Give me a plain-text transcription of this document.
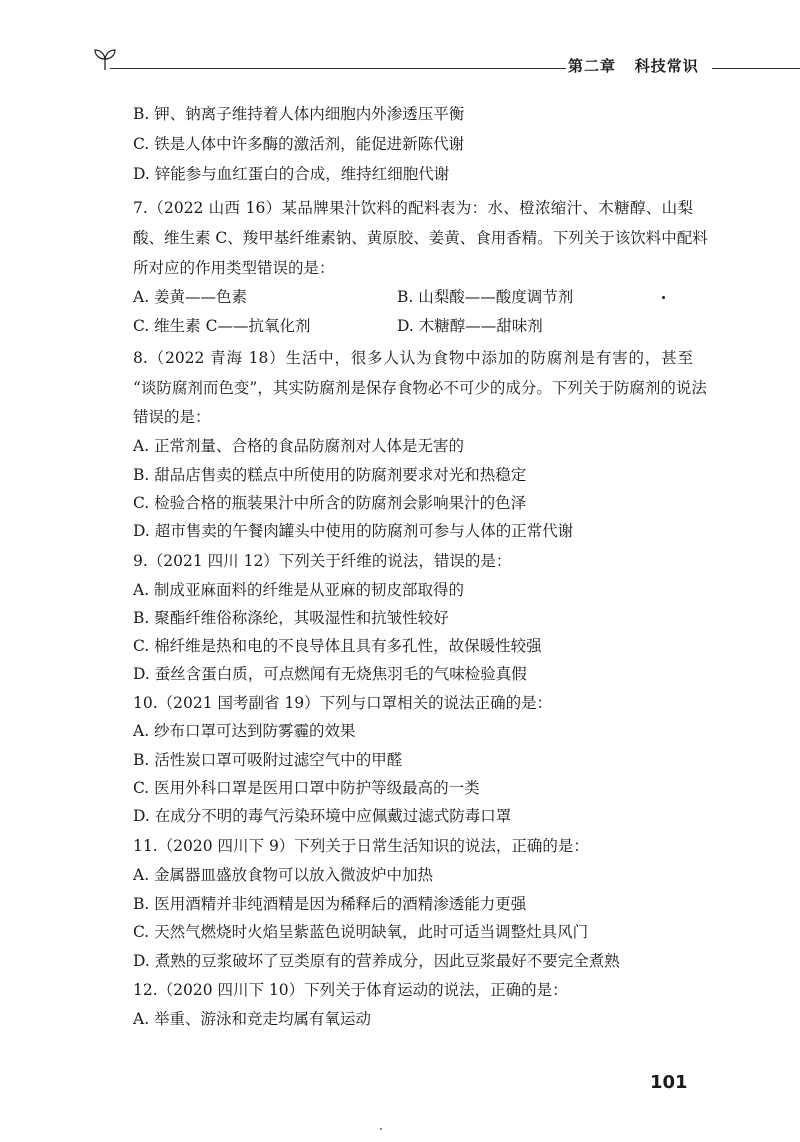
第二章 科技常识
B. 钾、钠离子维持着人体内细胞内外渗透压平衡
C. 铁是人体中许多酶的激活剂，能促进新陈代谢
D. 锌能参与血红蛋白的合成，维持红细胞代谢
7.（2022 山西 16）某品牌果汁饮料的配料表为：水、橙浓缩汁、木糖醇、山梨
酸、维生素 C、羧甲基纤维素钠、黄原胶、姜黄、食用香精。下列关于该饮料中配料
所对应的作用类型错误的是：
A. 姜黄——色素	B. 山梨酸——酸度调节剂
C. 维生素 C——抗氧化剂	D. 木糖醇——甜味剂
8.（2022 青海 18）生活中，很多人认为食物中添加的防腐剂是有害的，甚至
“谈防腐剂而色变”，其实防腐剂是保存食物必不可少的成分。下列关于防腐剂的说法
错误的是：
A. 正常剂量、合格的食品防腐剂对人体是无害的
B. 甜品店售卖的糕点中所使用的防腐剂要求对光和热稳定
C. 检验合格的瓶装果汁中所含的防腐剂会影响果汁的色泽
D. 超市售卖的午餐肉罐头中使用的防腐剂可参与人体的正常代谢
9.（2021 四川 12）下列关于纤维的说法，错误的是：
A. 制成亚麻面料的纤维是从亚麻的韧皮部取得的
B. 聚酯纤维俗称涤纶，其吸湿性和抗皱性较好
C. 棉纤维是热和电的不良导体且具有多孔性，故保暖性较强
D. 蚕丝含蛋白质，可点燃闻有无烧焦羽毛的气味检验真假
10.（2021 国考副省 19）下列与口罩相关的说法正确的是：
A. 纱布口罩可达到防雾霾的效果
B. 活性炭口罩可吸附过滤空气中的甲醛
C. 医用外科口罩是医用口罩中防护等级最高的一类
D. 在成分不明的毒气污染环境中应佩戴过滤式防毒口罩
11.（2020 四川下 9）下列关于日常生活知识的说法，正确的是：
A. 金属器皿盛放食物可以放入微波炉中加热
B. 医用酒精并非纯酒精是因为稀释后的酒精渗透能力更强
C. 天然气燃烧时火焰呈紫蓝色说明缺氧，此时可适当调整灶具风门
D. 煮熟的豆浆破坏了豆类原有的营养成分，因此豆浆最好不要完全煮熟
12.（2020 四川下 10）下列关于体育运动的说法，正确的是：
A. 举重、游泳和竞走均属有氧运动
101
